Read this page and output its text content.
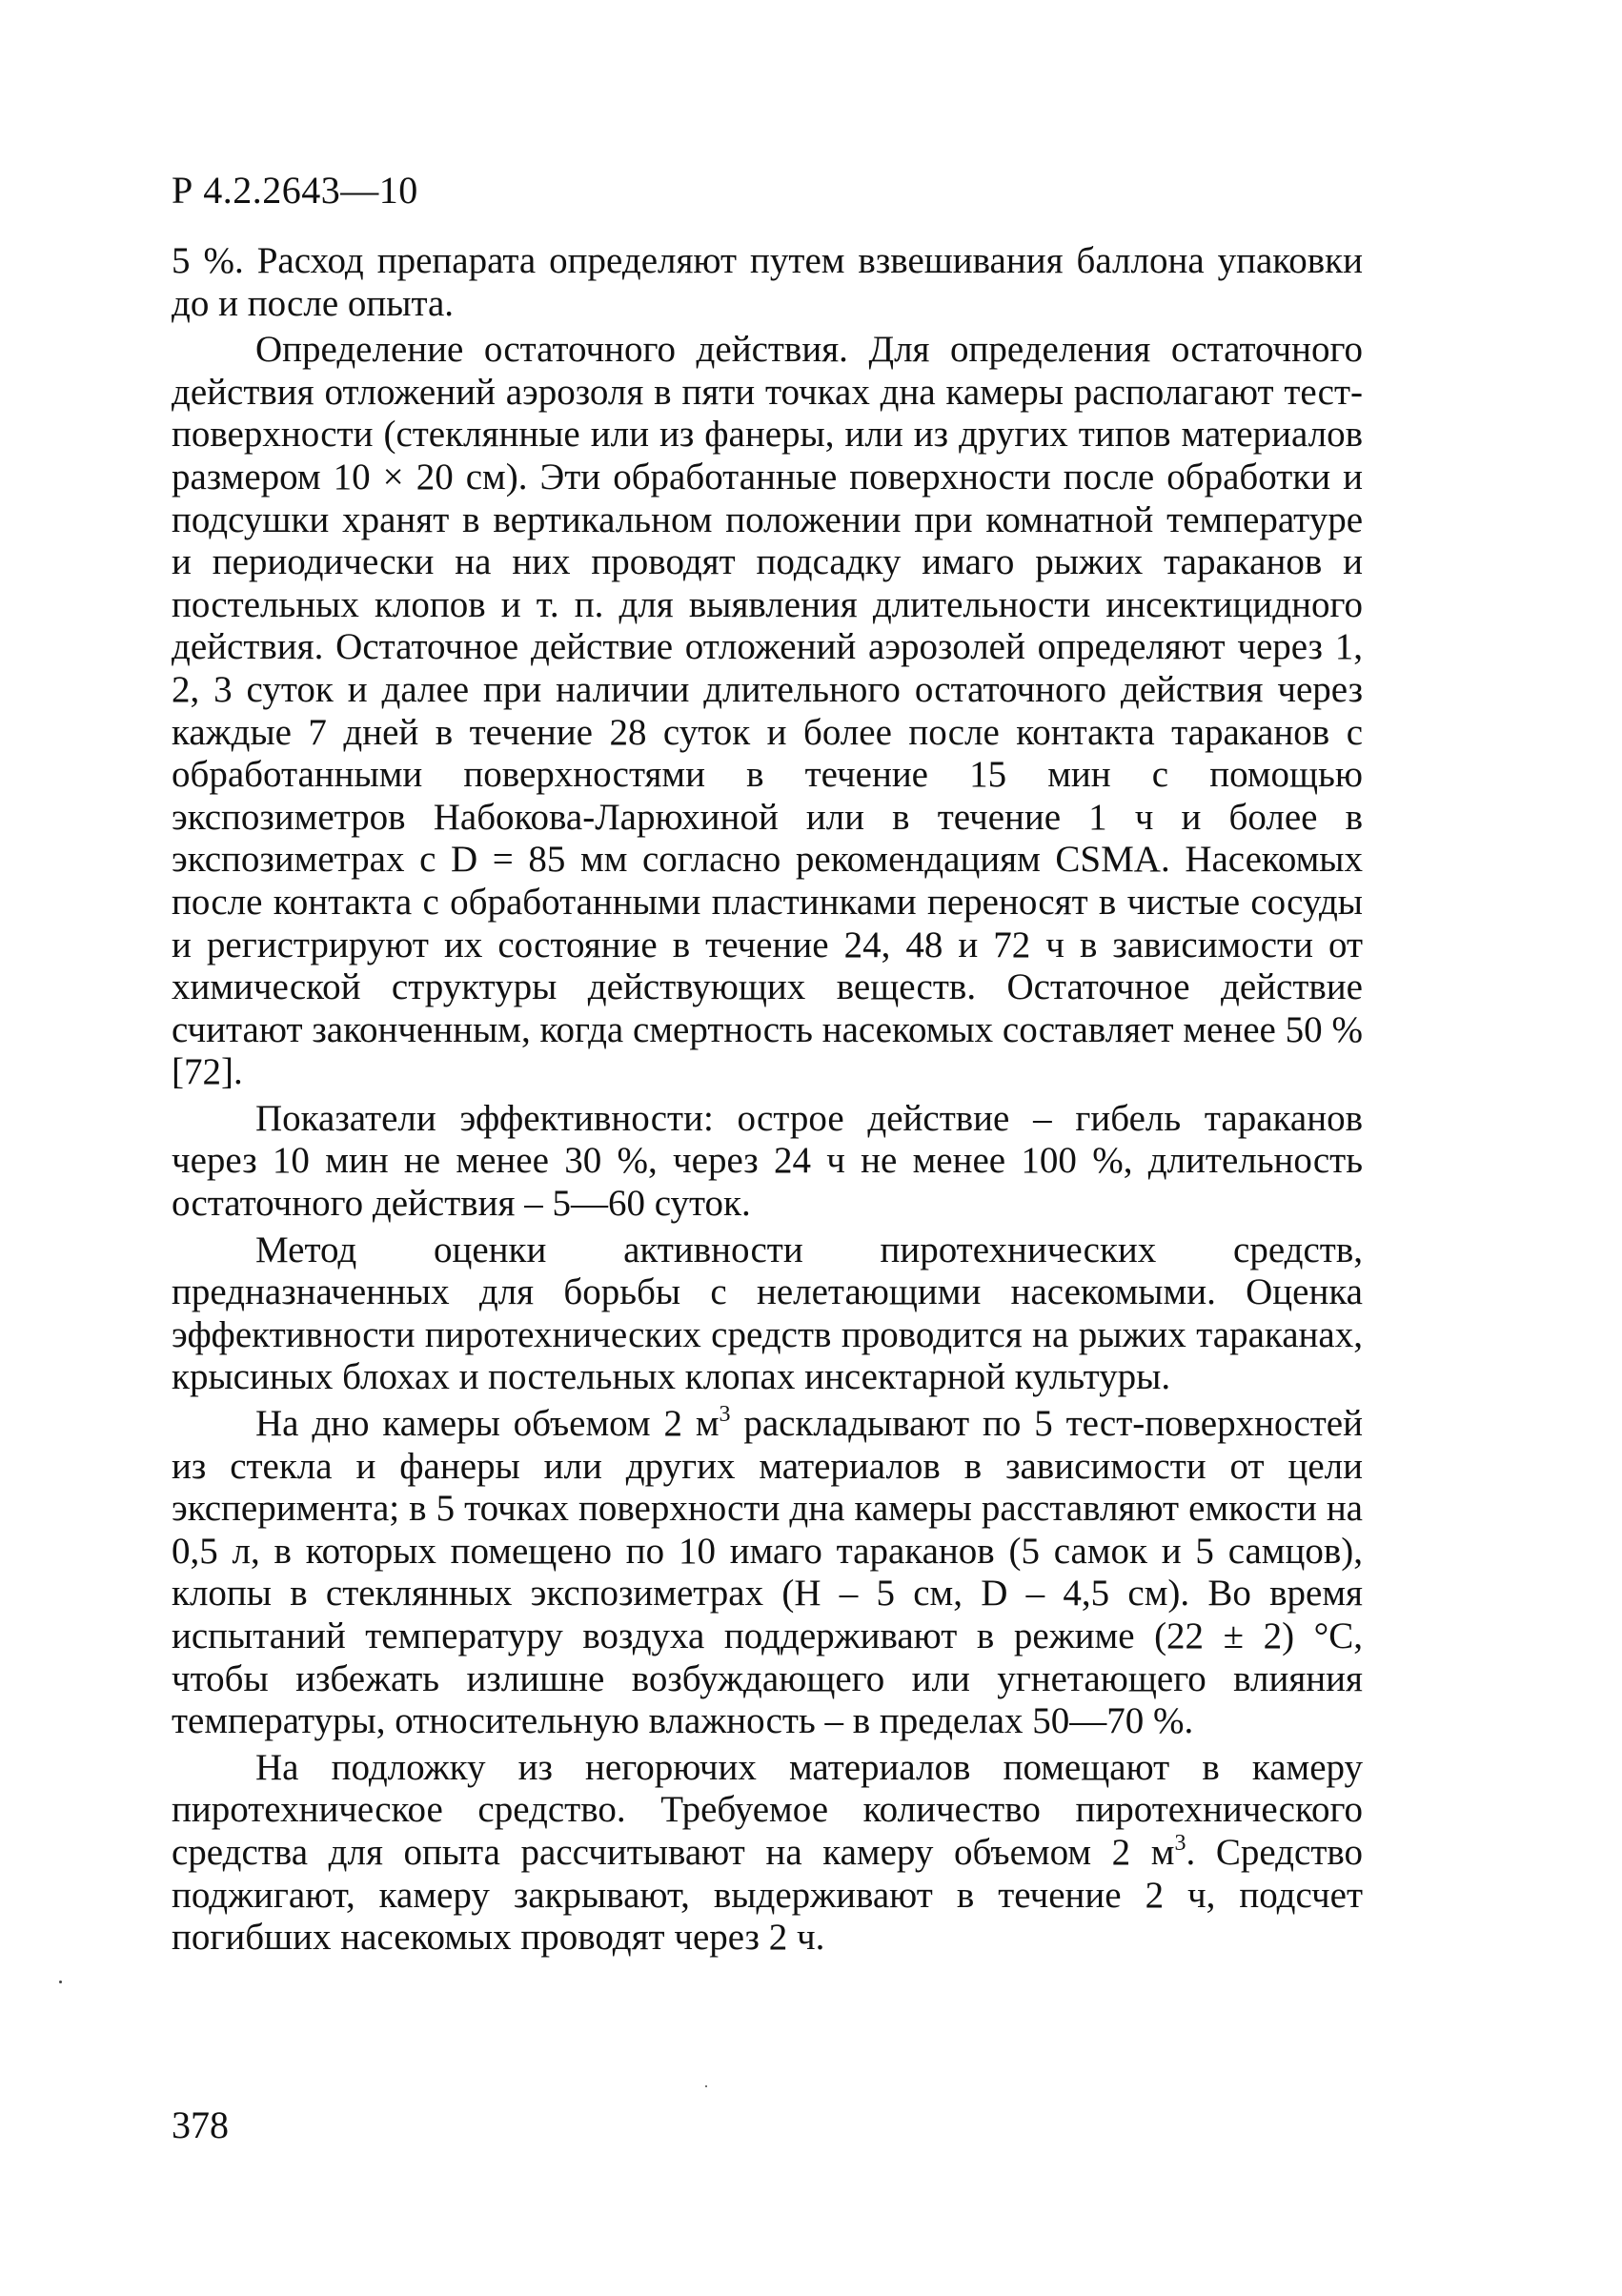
Р 4.2.2643—10

5 %. Расход препарата определяют путем взвешивания баллона упаковки до и после опыта.

Определение остаточного действия. Для определения остаточного действия отложений аэрозоля в пяти точках дна камеры располагают тест-поверхности (стеклянные или из фанеры, или из других типов материалов размером 10 × 20 см). Эти обработанные поверхности после обработки и подсушки хранят в вертикальном положении при комнатной температуре и периодически на них проводят подсадку имаго рыжих тараканов и постельных клопов и т. п. для выявления длительности инсектицидного действия. Остаточное действие отложений аэрозолей определяют через 1, 2, 3 суток и далее при наличии длительного остаточного действия через каждые 7 дней в течение 28 суток и более после контакта тараканов с обработанными поверхностями в течение 15 мин с помощью экспозиметров Набокова-Ларюхиной или в течение 1 ч и более в экспозиметрах с D = 85 мм согласно рекомендациям CSMA. Насекомых после контакта с обработанными пластинками переносят в чистые сосуды и регистрируют их состояние в течение 24, 48 и 72 ч в зависимости от химической структуры действующих веществ. Остаточное действие считают законченным, когда смертность насекомых составляет менее 50 % [72].

Показатели эффективности: острое действие – гибель тараканов через 10 мин не менее 30 %, через 24 ч не менее 100 %, длительность остаточного действия – 5—60 суток.

Метод оценки активности пиротехнических средств, предназначенных для борьбы с нелетающими насекомыми. Оценка эффективности пиротехнических средств проводится на рыжих тараканах, крысиных блохах и постельных клопах инсектарной культуры.

На дно камеры объемом 2 $м^3$ раскладывают по 5 тест-поверхностей из стекла и фанеры или других материалов в зависимости от цели эксперимента; в 5 точках поверхности дна камеры расставляют емкости на 0,5 л, в которых помещено по 10 имаго тараканов (5 самок и 5 самцов), клопы в стеклянных экспозиметрах (Н – 5 см, D – 4,5 см). Во время испытаний температуру воздуха поддерживают в режиме (22 ± 2) °С, чтобы избежать излишне возбуждающего или угнетающего влияния температуры, относительную влажность – в пределах 50—70 %.

На подложку из негорючих материалов помещают в камеру пиротехническое средство. Требуемое количество пиротехнического средства для опыта рассчитывают на камеру объемом 2 $м^3$. Средство поджигают, камеру закрывают, выдерживают в течение 2 ч, подсчет погибших насекомых проводят через 2 ч.

378
